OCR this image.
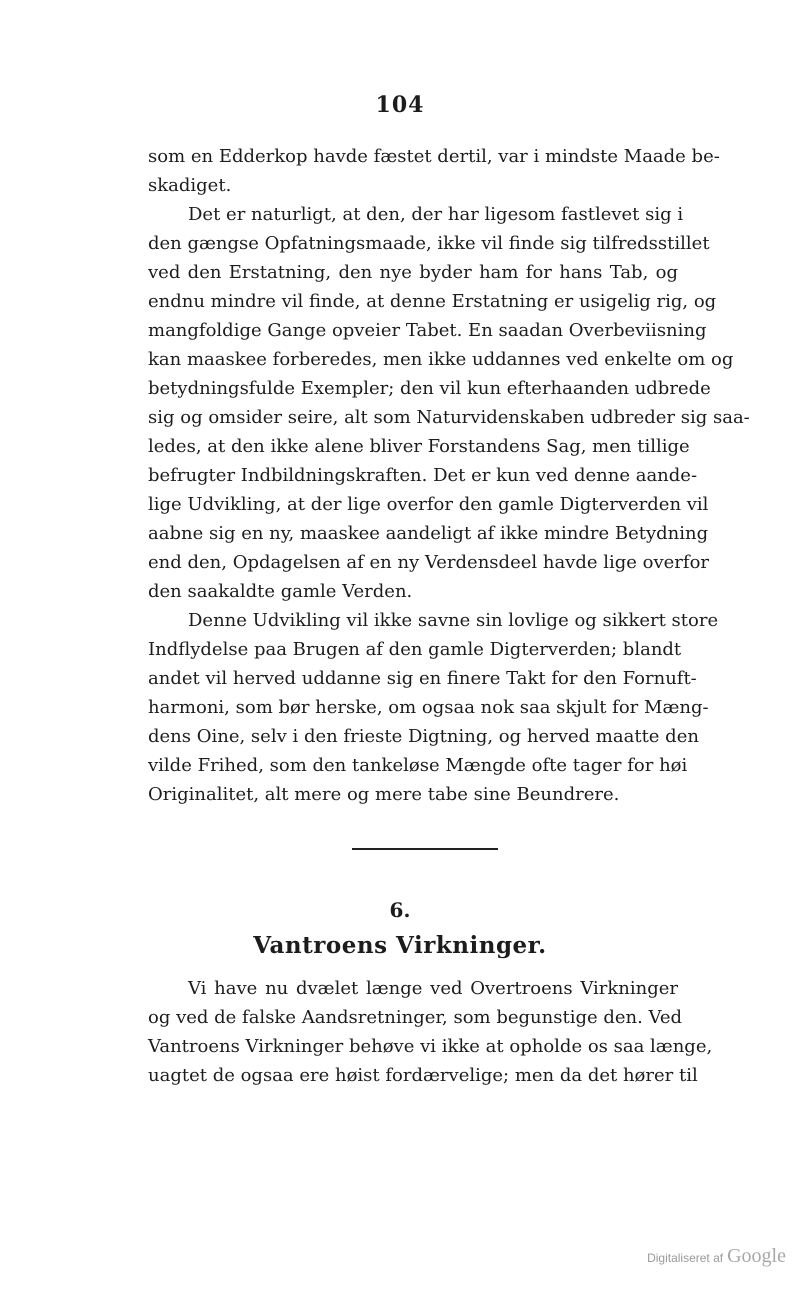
104
som en Edderkop havde fæstet dertil, var i mindste Maade be-
skadiget.
Det er naturligt, at den, der har ligesom fastlevet sig i
den gængse Opfatningsmaade, ikke vil finde sig tilfredsstillet
ved den Erstatning, den nye byder ham for hans Tab, og
endnu mindre vil finde, at denne Erstatning er usigelig rig, og
mangfoldige Gange opveier Tabet. En saadan Overbeviisning
kan maaskee forberedes, men ikke uddannes ved enkelte om og
betydningsfulde Exempler; den vil kun efterhaanden udbrede
sig og omsider seire, alt som Naturvidenskaben udbreder sig saa-
ledes, at den ikke alene bliver Forstandens Sag, men tillige
befrugter Indbildningskraften. Det er kun ved denne aande-
lige Udvikling, at der lige overfor den gamle Digterverden vil
aabne sig en ny, maaskee aandeligt af ikke mindre Betydning
end den, Opdagelsen af en ny Verdensdeel havde lige overfor
den saakaldte gamle Verden.
Denne Udvikling vil ikke savne sin lovlige og sikkert store
Indflydelse paa Brugen af den gamle Digterverden; blandt
andet vil herved uddanne sig en finere Takt for den Fornuft-
harmoni, som bør herske, om ogsaa nok saa skjult for Mæng-
dens Oine, selv i den frieste Digtning, og herved maatte den
vilde Frihed, som den tankeløse Mængde ofte tager for høi
Originalitet, alt mere og mere tabe sine Beundrere.
6.
Vantroens Virkninger.
Vi have nu dvælet længe ved Overtroens Virkninger
og ved de falske Aandsretninger, som begunstige den. Ved
Vantroens Virkninger behøve vi ikke at opholde os saa længe,
uagtet de ogsaa ere høist fordærvelige; men da det hører til
Digitaliseret af Google
